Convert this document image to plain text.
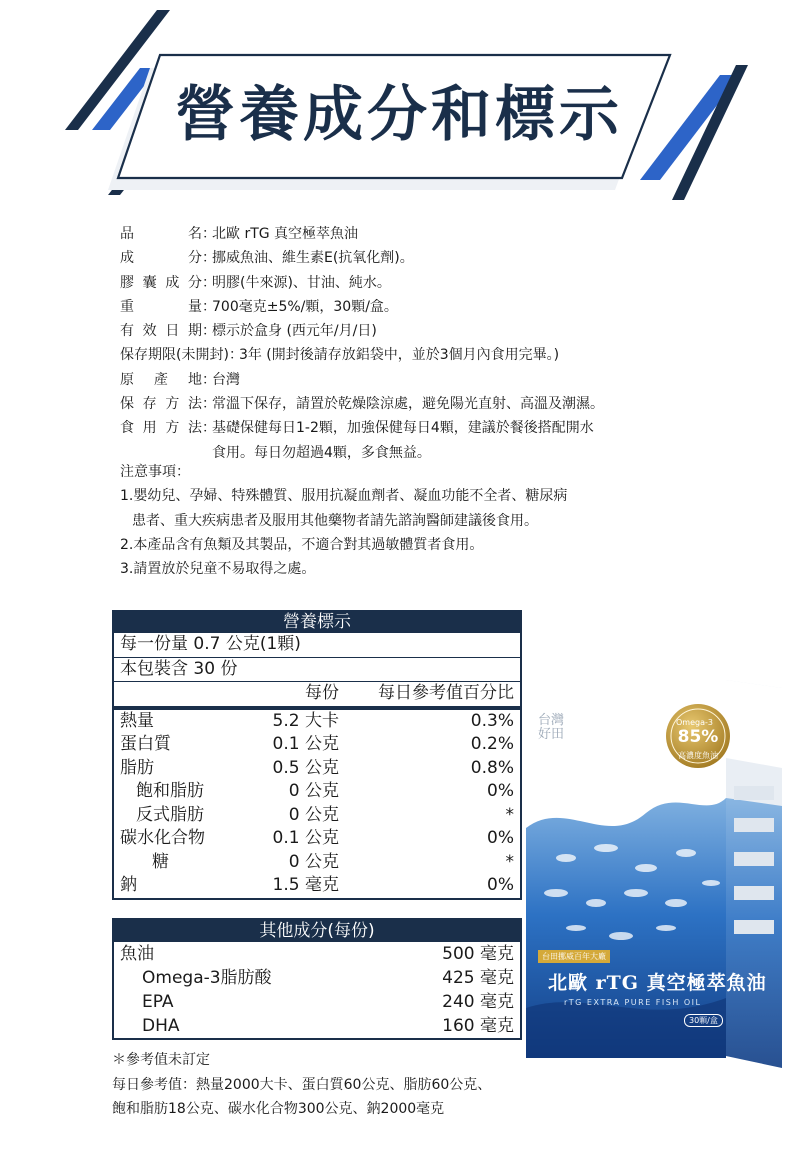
營養成分和標示
品名 ：
北歐 rTG 真空極萃魚油
成分 ：
挪威魚油、維生素E(抗氧化劑)。
膠囊成分 ：
明膠(牛來源)、甘油、純水。
重量 ：
700毫克±5%/顆，30顆/盒。
有效日期 ：
標示於盒身 (西元年/月/日)
保存期限(未開封) ：
3年 (開封後請存放鋁袋中，並於3個月內食用完畢。)
原產地 ：
台灣
保存方法 ：
常溫下保存，請置於乾燥陰涼處，避免陽光直射、高溫及潮濕。
食用方法 ：
基礎保健每日1-2顆，加強保健每日4顆，建議於餐後搭配開水
食用。每日勿超過4顆，多食無益。
注意事項：
1.嬰幼兒、孕婦、特殊體質、服用抗凝血劑者、凝血功能不全者、糖尿病
患者、重大疾病患者及服用其他藥物者請先諮詢醫師建議後食用。
2.本產品含有魚類及其製品，不適合對其過敏體質者食用。
3.請置放於兒童不易取得之處。
營養標示
每一份量 0.7 公克(1顆)
本包裝含 30 份
每份 每日參考值百分比
熱量	5.2 大卡	0.3%
蛋白質	0.1 公克	0.2%
脂肪	0.5 公克	0.8%
飽和脂肪	0 公克	0%
反式脂肪	0 公克	*
碳水化合物	0.1 公克	0%
糖	0 公克	*
鈉	1.5 毫克	0%
其他成分(每份)
魚油	500 毫克
Omega-3脂肪酸	425 毫克
EPA	240 毫克
DHA	160 毫克
＊參考值未訂定
每日參考值：熱量2000大卡、蛋白質60公克、脂肪60公克、
飽和脂肪18公克、碳水化合物300公克、鈉2000毫克
台灣
好田
Omega-3
85%
高濃度魚油
台田挪威百年大廠
北歐 rTG 真空極萃魚油
rTG EXTRA PURE FISH OIL
30顆/盒
